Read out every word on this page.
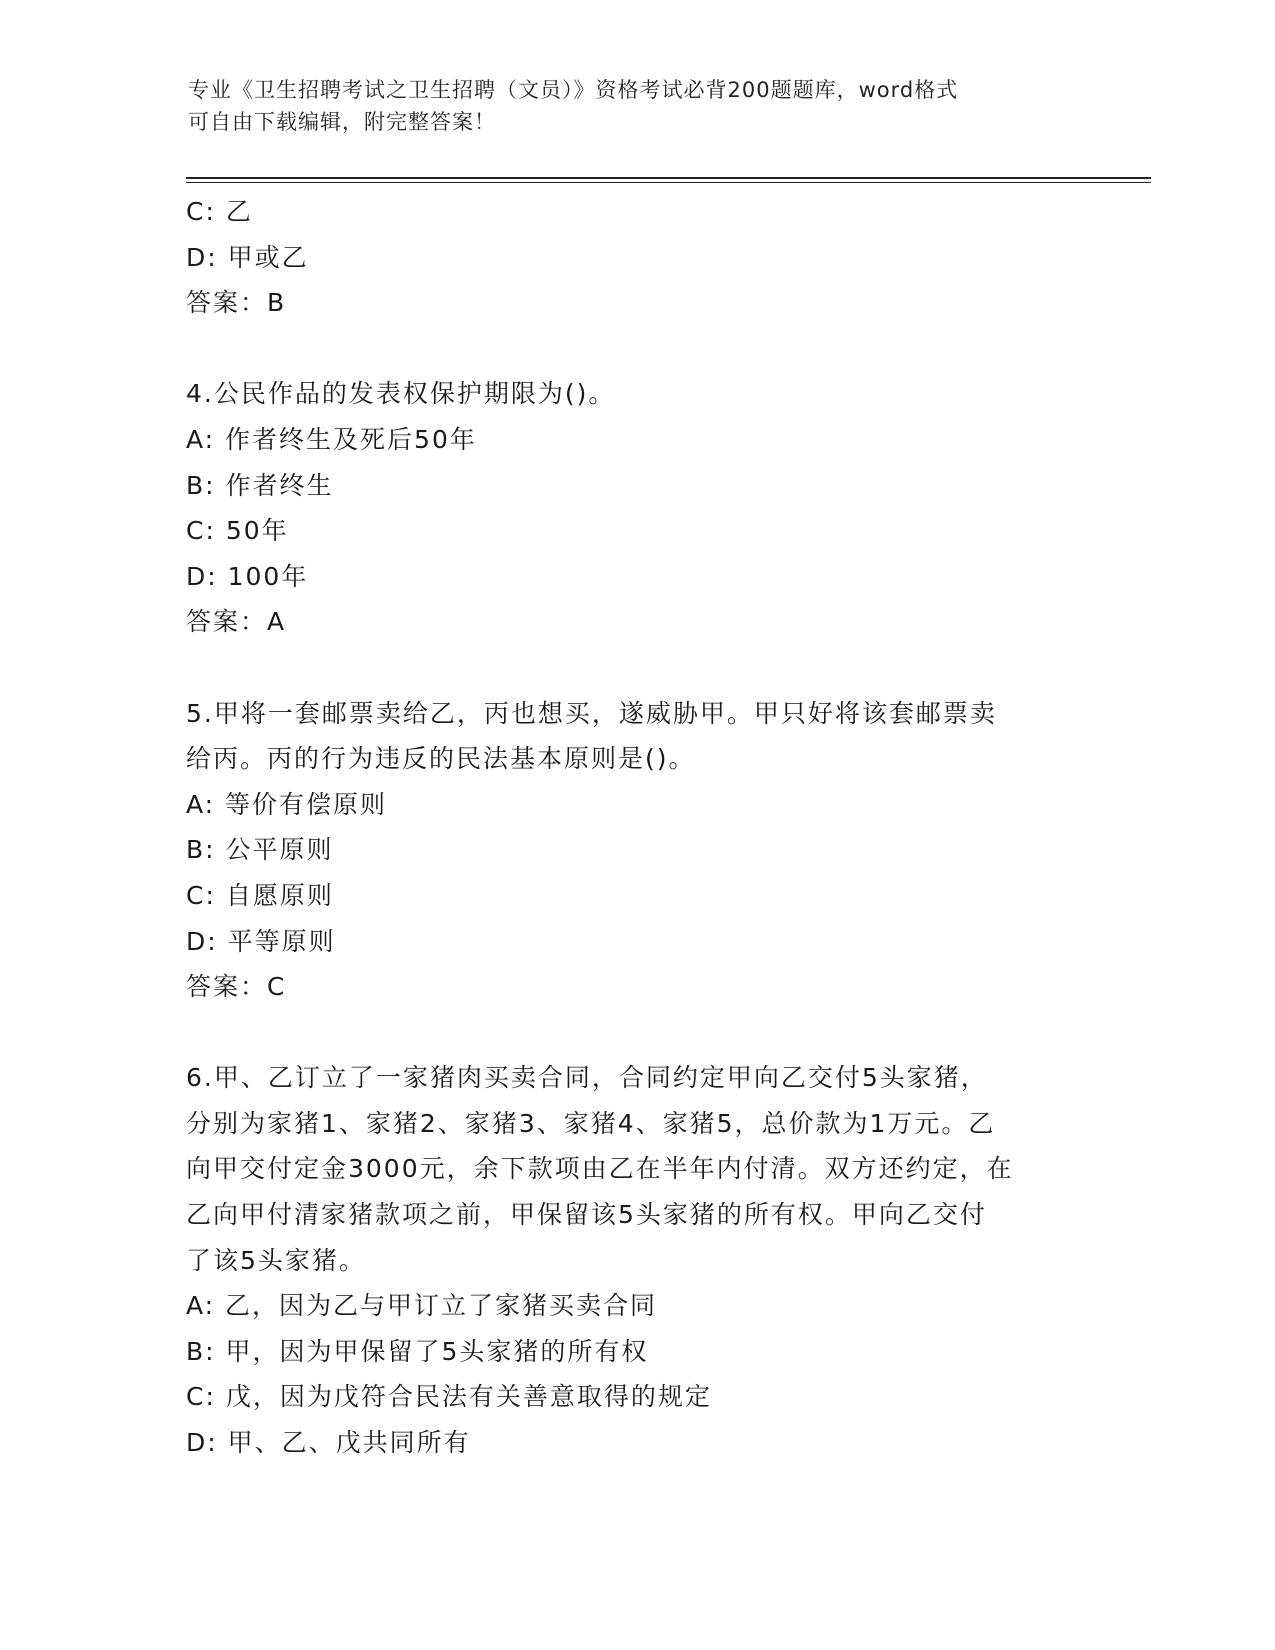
专业《卫生招聘考试之卫生招聘（文员）》资格考试必背200题题库，word格式
可自由下载编辑，附完整答案！
C: 乙
D: 甲或乙
答案：B
4.公民作品的发表权保护期限为()。
A: 作者终生及死后50年
B: 作者终生
C: 50年
D: 100年
答案：A
5.甲将一套邮票卖给乙，丙也想买，遂威胁甲。甲只好将该套邮票卖
给丙。丙的行为违反的民法基本原则是()。
A: 等价有偿原则
B: 公平原则
C: 自愿原则
D: 平等原则
答案：C
6.甲、乙订立了一家猪肉买卖合同，合同约定甲向乙交付5头家猪，
分别为家猪1、家猪2、家猪3、家猪4、家猪5，总价款为1万元。乙
向甲交付定金3000元，余下款项由乙在半年内付清。双方还约定，在
乙向甲付清家猪款项之前，甲保留该5头家猪的所有权。甲向乙交付
了该5头家猪。
A: 乙，因为乙与甲订立了家猪买卖合同
B: 甲，因为甲保留了5头家猪的所有权
C: 戊，因为戊符合民法有关善意取得的规定
D: 甲、乙、戊共同所有
